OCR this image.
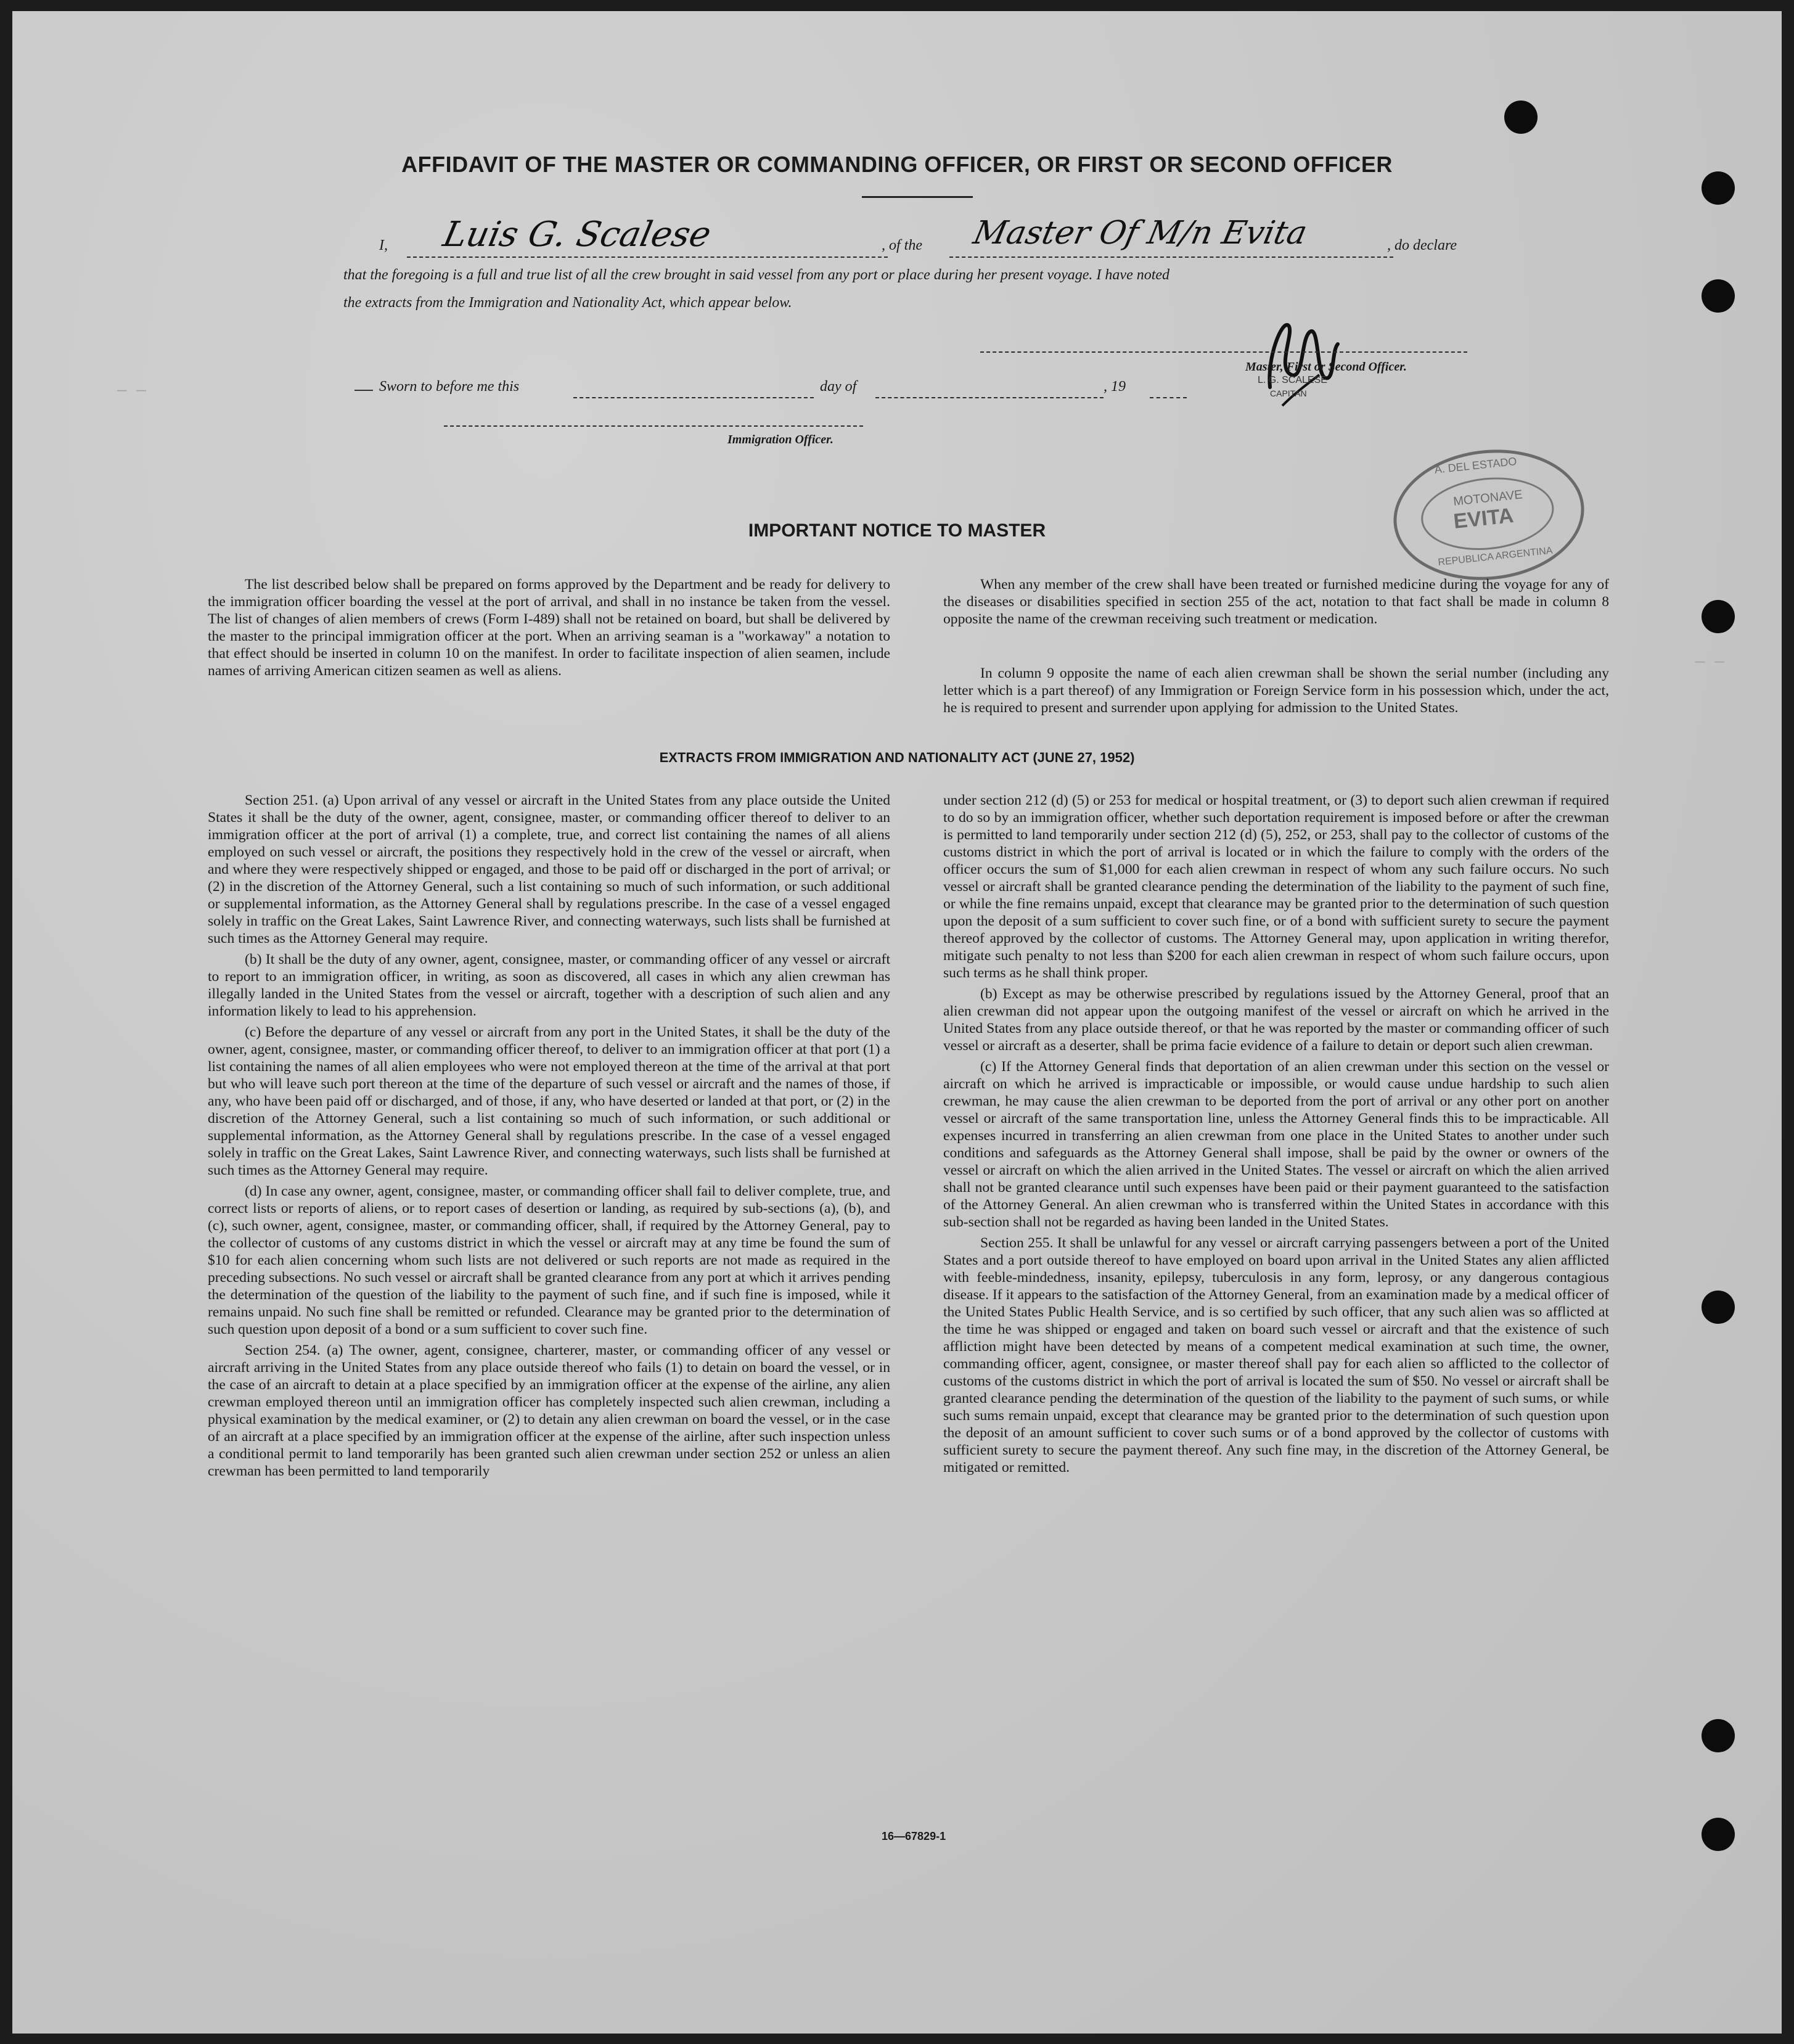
— —
— —
AFFIDAVIT OF THE MASTER OR COMMANDING OFFICER, OR FIRST OR SECOND OFFICER
I, Luis G. Scalese	, of the Master Of M/n Evita	, do declare
that the foregoing is a full and true list of all the crew brought in said vessel from any port or place during her present voyage. I have noted
the extracts from the Immigration and Nationality Act, which appear below.
L. G. SCALESE
CAPITAN
Master, First or Second Officer.
Sworn to before me this	day of	, 19
Immigration Officer.
A. DEL ESTADO
MOTONAVE
EVITA
REPUBLICA ARGENTINA
IMPORTANT NOTICE TO MASTER

The list described below shall be prepared on forms approved by the Department and be ready for delivery to the immigration officer boarding the vessel at the port of arrival, and shall in no instance be taken from the vessel. The list of changes of alien members of crews (Form I-489) shall not be retained on board, but shall be delivered by the master to the principal immigration officer at the port. When an arriving seaman is a "workaway" a notation to that effect should be inserted in column 10 on the manifest. In order to facilitate inspection of alien seamen, include names of arriving American citizen seamen as well as aliens.

When any member of the crew shall have been treated or furnished medicine during the voyage for any of the diseases or disabilities specified in section 255 of the act, notation to that fact shall be made in column 8 opposite the name of the crewman receiving such treatment or medication.

In column 9 opposite the name of each alien crewman shall be shown the serial number (including any letter which is a part thereof) of any Immigration or Foreign Service form in his possession which, under the act, he is required to present and surrender upon applying for admission to the United States.

EXTRACTS FROM IMMIGRATION AND NATIONALITY ACT (JUNE 27, 1952)

Section 251. (a) Upon arrival of any vessel or aircraft in the United States from any place outside the United States it shall be the duty of the owner, agent, consignee, master, or commanding officer thereof to deliver to an immigration officer at the port of arrival (1) a complete, true, and correct list containing the names of all aliens employed on such vessel or aircraft, the positions they respectively hold in the crew of the vessel or aircraft, when and where they were respectively shipped or engaged, and those to be paid off or discharged in the port of arrival; or (2) in the discretion of the Attorney General, such a list containing so much of such information, or such additional or supplemental information, as the Attorney General shall by regulations prescribe. In the case of a vessel engaged solely in traffic on the Great Lakes, Saint Lawrence River, and connecting waterways, such lists shall be furnished at such times as the Attorney General may require.

(b) It shall be the duty of any owner, agent, consignee, master, or commanding officer of any vessel or aircraft to report to an immigration officer, in writing, as soon as discovered, all cases in which any alien crewman has illegally landed in the United States from the vessel or aircraft, together with a description of such alien and any information likely to lead to his apprehension.

(c) Before the departure of any vessel or aircraft from any port in the United States, it shall be the duty of the owner, agent, consignee, master, or commanding officer thereof, to deliver to an immigration officer at that port (1) a list containing the names of all alien employees who were not employed thereon at the time of the arrival at that port but who will leave such port thereon at the time of the departure of such vessel or aircraft and the names of those, if any, who have been paid off or discharged, and of those, if any, who have deserted or landed at that port, or (2) in the discretion of the Attorney General, such a list containing so much of such information, or such additional or supplemental information, as the Attorney General shall by regulations prescribe. In the case of a vessel engaged solely in traffic on the Great Lakes, Saint Lawrence River, and connecting waterways, such lists shall be furnished at such times as the Attorney General may require.

(d) In case any owner, agent, consignee, master, or commanding officer shall fail to deliver complete, true, and correct lists or reports of aliens, or to report cases of desertion or landing, as required by sub-sections (a), (b), and (c), such owner, agent, consignee, master, or commanding officer, shall, if required by the Attorney General, pay to the collector of customs of any customs district in which the vessel or aircraft may at any time be found the sum of $10 for each alien concerning whom such lists are not delivered or such reports are not made as required in the preceding subsections. No such vessel or aircraft shall be granted clearance from any port at which it arrives pending the determination of the question of the liability to the payment of such fine, and if such fine is imposed, while it remains unpaid. No such fine shall be remitted or refunded. Clearance may be granted prior to the determination of such question upon deposit of a bond or a sum sufficient to cover such fine.

Section 254. (a) The owner, agent, consignee, charterer, master, or commanding officer of any vessel or aircraft arriving in the United States from any place outside thereof who fails (1) to detain on board the vessel, or in the case of an aircraft to detain at a place specified by an immigration officer at the expense of the airline, any alien crewman employed thereon until an immigration officer has completely inspected such alien crewman, including a physical examination by the medical examiner, or (2) to detain any alien crewman on board the vessel, or in the case of an aircraft at a place specified by an immigration officer at the expense of the airline, after such inspection unless a conditional permit to land temporarily has been granted such alien crewman under section 252 or unless an alien crewman has been permitted to land temporarily

under section 212 (d) (5) or 253 for medical or hospital treatment, or (3) to deport such alien crewman if required to do so by an immigration officer, whether such deportation requirement is imposed before or after the crewman is permitted to land temporarily under section 212 (d) (5), 252, or 253, shall pay to the collector of customs of the customs district in which the port of arrival is located or in which the failure to comply with the orders of the officer occurs the sum of $1,000 for each alien crewman in respect of whom any such failure occurs. No such vessel or aircraft shall be granted clearance pending the determination of the liability to the payment of such fine, or while the fine remains unpaid, except that clearance may be granted prior to the determination of such question upon the deposit of a sum sufficient to cover such fine, or of a bond with sufficient surety to secure the payment thereof approved by the collector of customs. The Attorney General may, upon application in writing therefor, mitigate such penalty to not less than $200 for each alien crewman in respect of whom such failure occurs, upon such terms as he shall think proper.

(b) Except as may be otherwise prescribed by regulations issued by the Attorney General, proof that an alien crewman did not appear upon the outgoing manifest of the vessel or aircraft on which he arrived in the United States from any place outside thereof, or that he was reported by the master or commanding officer of such vessel or aircraft as a deserter, shall be prima facie evidence of a failure to detain or deport such alien crewman.

(c) If the Attorney General finds that deportation of an alien crewman under this section on the vessel or aircraft on which he arrived is impracticable or impossible, or would cause undue hardship to such alien crewman, he may cause the alien crewman to be deported from the port of arrival or any other port on another vessel or aircraft of the same transportation line, unless the Attorney General finds this to be impracticable. All expenses incurred in transferring an alien crewman from one place in the United States to another under such conditions and safeguards as the Attorney General shall impose, shall be paid by the owner or owners of the vessel or aircraft on which the alien arrived in the United States. The vessel or aircraft on which the alien arrived shall not be granted clearance until such expenses have been paid or their payment guaranteed to the satisfaction of the Attorney General. An alien crewman who is transferred within the United States in accordance with this sub-section shall not be regarded as having been landed in the United States.

Section 255. It shall be unlawful for any vessel or aircraft carrying passengers between a port of the United States and a port outside thereof to have employed on board upon arrival in the United States any alien afflicted with feeble-mindedness, insanity, epilepsy, tuberculosis in any form, leprosy, or any dangerous contagious disease. If it appears to the satisfaction of the Attorney General, from an examination made by a medical officer of the United States Public Health Service, and is so certified by such officer, that any such alien was so afflicted at the time he was shipped or engaged and taken on board such vessel or aircraft and that the existence of such affliction might have been detected by means of a competent medical examination at such time, the owner, commanding officer, agent, consignee, or master thereof shall pay for each alien so afflicted to the collector of customs of the customs district in which the port of arrival is located the sum of $50. No vessel or aircraft shall be granted clearance pending the determination of the question of the liability to the payment of such sums, or while such sums remain unpaid, except that clearance may be granted prior to the determination of such question upon the deposit of an amount sufficient to cover such sums or of a bond approved by the collector of customs with sufficient surety to secure the payment thereof. Any such fine may, in the discretion of the Attorney General, be mitigated or remitted.

16—67829-1
